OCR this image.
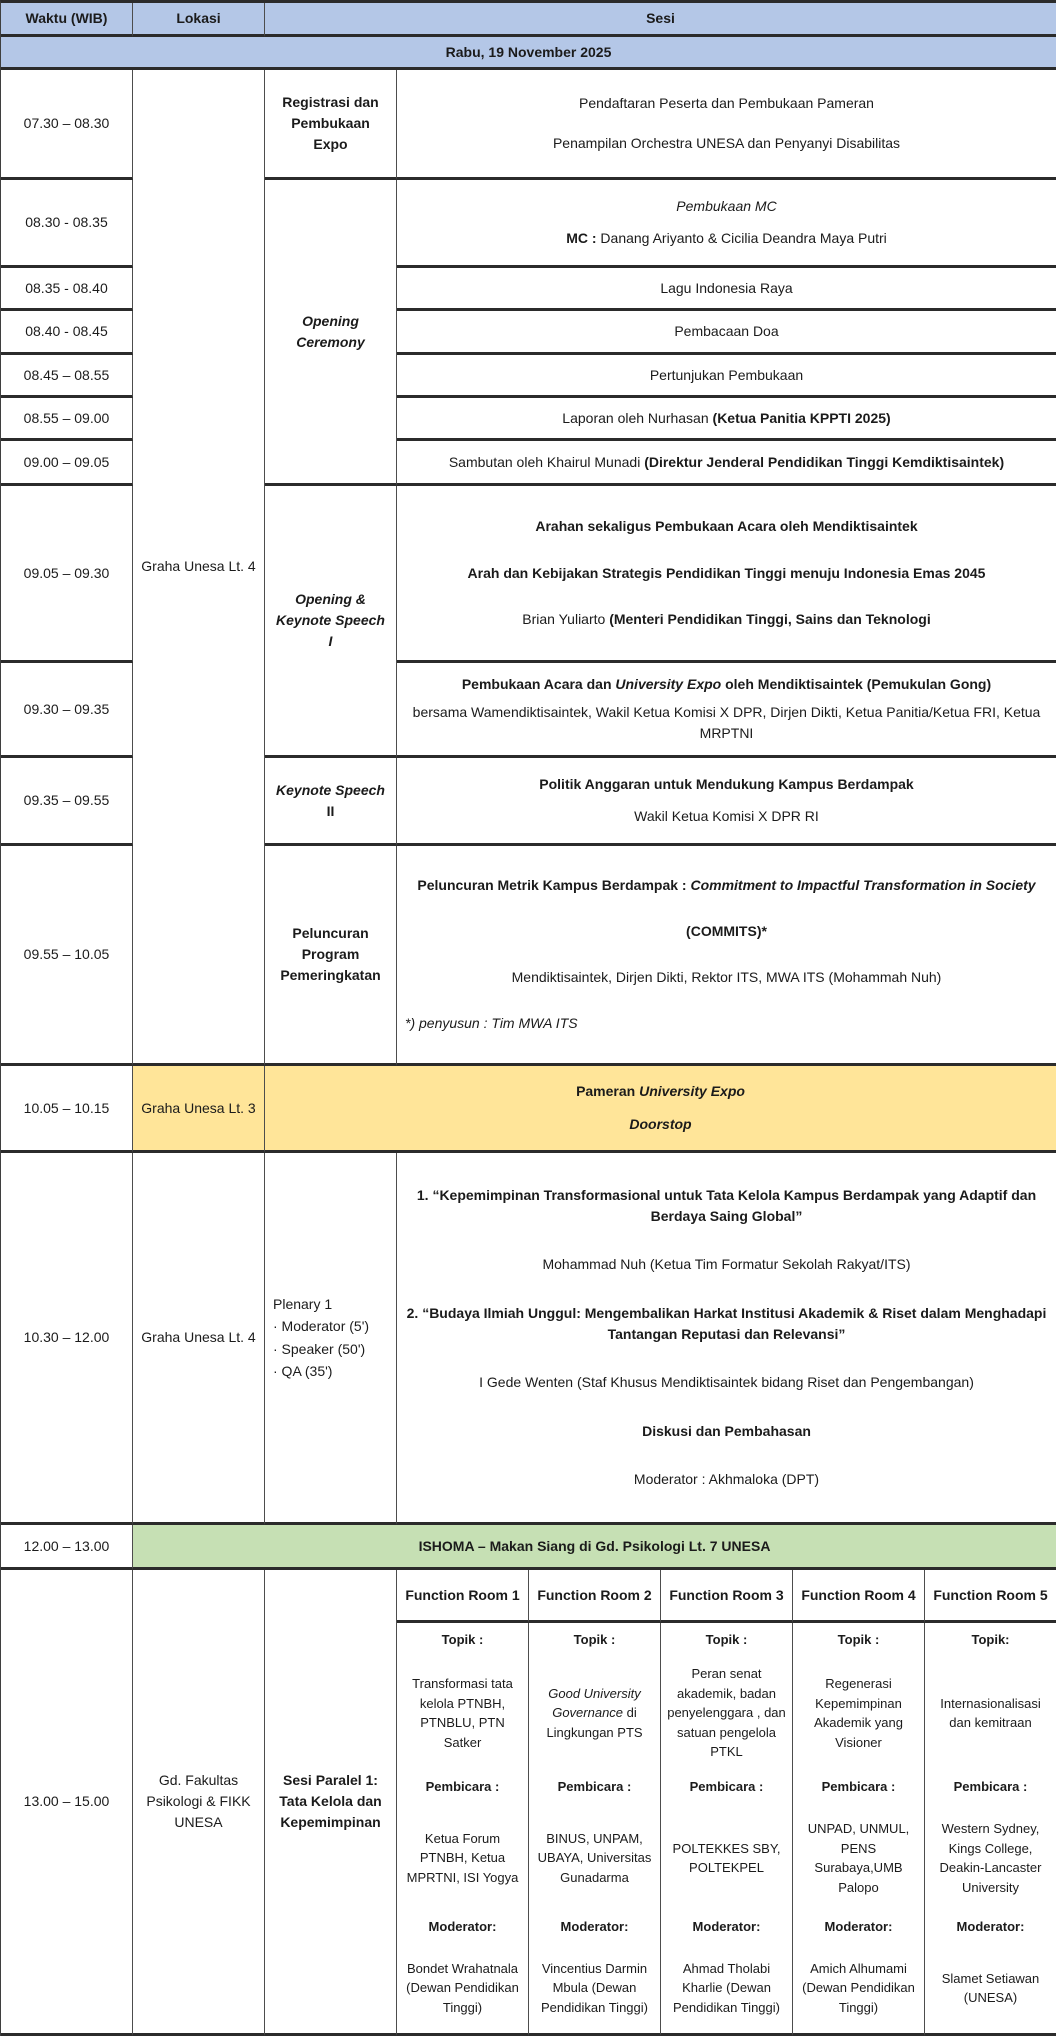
Waktu (WIB)	Lokasi	Sesi
Rabu, 19 November 2025
07.30 – 08.30
08.30 - 08.35
08.35 - 08.40
08.40 - 08.45
08.45 – 08.55
08.55 – 09.00
09.00 – 09.05
09.05 – 09.30
09.30 – 09.35
09.35 – 09.55
09.55 – 10.05
10.05 – 10.15
10.30 – 12.00
12.00 – 13.00
13.00 – 15.00
Graha Unesa Lt. 4
Graha Unesa Lt. 3
Graha Unesa Lt. 4
Gd. Fakultas Psikologi & FIKK UNESA
Registrasi dan Pembukaan Expo
Opening Ceremony
Opening & Keynote Speech I
Keynote Speech II
Peluncuran Program Pemeringkatan
Plenary 1
· Moderator (5')
· Speaker (50')
· QA (35')
Sesi Paralel 1: Tata Kelola dan Kepemimpinan
Pendaftaran Peserta dan Pembukaan Pameran
Penampilan Orchestra UNESA dan Penyanyi Disabilitas
Pembukaan MC
MC : Danang Ariyanto & Cicilia Deandra Maya Putri
Lagu Indonesia Raya
Pembacaan Doa
Pertunjukan Pembukaan
Laporan oleh Nurhasan (Ketua Panitia KPPTI 2025)
Sambutan oleh Khairul Munadi (Direktur Jenderal Pendidikan Tinggi Kemdiktisaintek)
Arahan sekaligus Pembukaan Acara oleh Mendiktisaintek
Arah dan Kebijakan Strategis Pendidikan Tinggi menuju Indonesia Emas 2045
Brian Yuliarto (Menteri Pendidikan Tinggi, Sains dan Teknologi
Pembukaan Acara dan University Expo oleh Mendiktisaintek (Pemukulan Gong)
bersama Wamendiktisaintek, Wakil Ketua Komisi X DPR, Dirjen Dikti, Ketua Panitia/Ketua FRI, Ketua MRPTNI
Politik Anggaran untuk Mendukung Kampus Berdampak
Wakil Ketua Komisi X DPR RI
Peluncuran Metrik Kampus Berdampak : Commitment to Impactful Transformation in Society
(COMMITS)*
Mendiktisaintek, Dirjen Dikti, Rektor ITS, MWA ITS (Mohammah Nuh)
*) penyusun : Tim MWA ITS
Pameran University Expo
Doorstop
1. “Kepemimpinan Transformasional untuk Tata Kelola Kampus Berdampak yang Adaptif dan Berdaya Saing Global”
Mohammad Nuh (Ketua Tim Formatur Sekolah Rakyat/ITS)
2. “Budaya Ilmiah Unggul: Mengembalikan Harkat Institusi Akademik & Riset dalam Menghadapi Tantangan Reputasi dan Relevansi”
I Gede Wenten (Staf Khusus Mendiktisaintek bidang Riset dan Pengembangan)
Diskusi dan Pembahasan
Moderator : Akhmaloka (DPT)
ISHOMA – Makan Siang di Gd. Psikologi Lt. 7 UNESA
Function Room 1 Function Room 2 Function Room 3 Function Room 4 Function Room 5
Topik :
Transformasi tata kelola PTNBH, PTNBLU, PTN Satker
Pembicara :
Ketua Forum PTNBH, Ketua MPRTNI, ISI Yogya
Moderator:
Bondet Wrahatnala (Dewan Pendidikan Tinggi)
Topik :
Good University Governance di Lingkungan PTS
Pembicara :
BINUS, UNPAM, UBAYA, Universitas Gunadarma
Moderator:
Vincentius Darmin Mbula (Dewan Pendidikan Tinggi)
Topik :
Peran senat akademik, badan penyelenggara , dan satuan pengelola PTKL
Pembicara :
POLTEKKES SBY, POLTEKPEL
Moderator:
Ahmad Tholabi Kharlie (Dewan Pendidikan Tinggi)
Topik :
Regenerasi Kepemimpinan Akademik yang Visioner
Pembicara :
UNPAD, UNMUL, PENS Surabaya,UMB Palopo
Moderator:
Amich Alhumami (Dewan Pendidikan Tinggi)
Topik:
Internasionalisasi dan kemitraan
Pembicara :
Western Sydney, Kings College, Deakin-Lancaster University
Moderator:
Slamet Setiawan (UNESA)
